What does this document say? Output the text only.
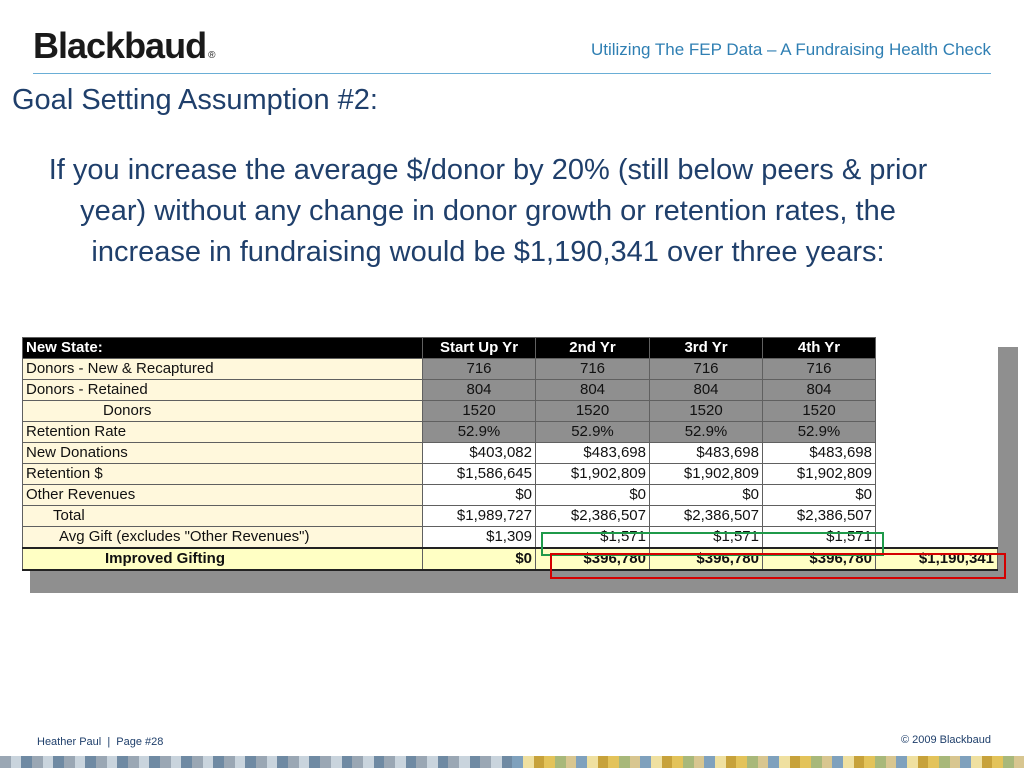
Blackbaud ®	Utilizing The FEP Data – A Fundraising Health Check
Goal Setting Assumption #2:
If you increase the average $/donor by 20% (still below peers & prior year) without any change in donor growth or retention rates, the increase in fundraising would be $1,190,341 over three years:
New State:	Start Up Yr	2nd Yr	3rd Yr	4th Yr	
Donors - New & Recaptured	716	716	716	716	
Donors - Retained	804	804	804	804	
Donors	1520	1520	1520	1520	
Retention Rate	52.9%	52.9%	52.9%	52.9%	
New Donations	$403,082	$483,698	$483,698	$483,698	
Retention $	$1,586,645	$1,902,809	$1,902,809	$1,902,809	
Other Revenues	$0	$0	$0	$0	
Total	$1,989,727	$2,386,507	$2,386,507	$2,386,507	
Avg Gift (excludes "Other Revenues")	$1,309	$1,571	$1,571	$1,571	
Improved Gifting	$0	$396,780	$396,780	$396,780	$1,190,341
Heather Paul  |  Page #28	© 2009 Blackbaud
